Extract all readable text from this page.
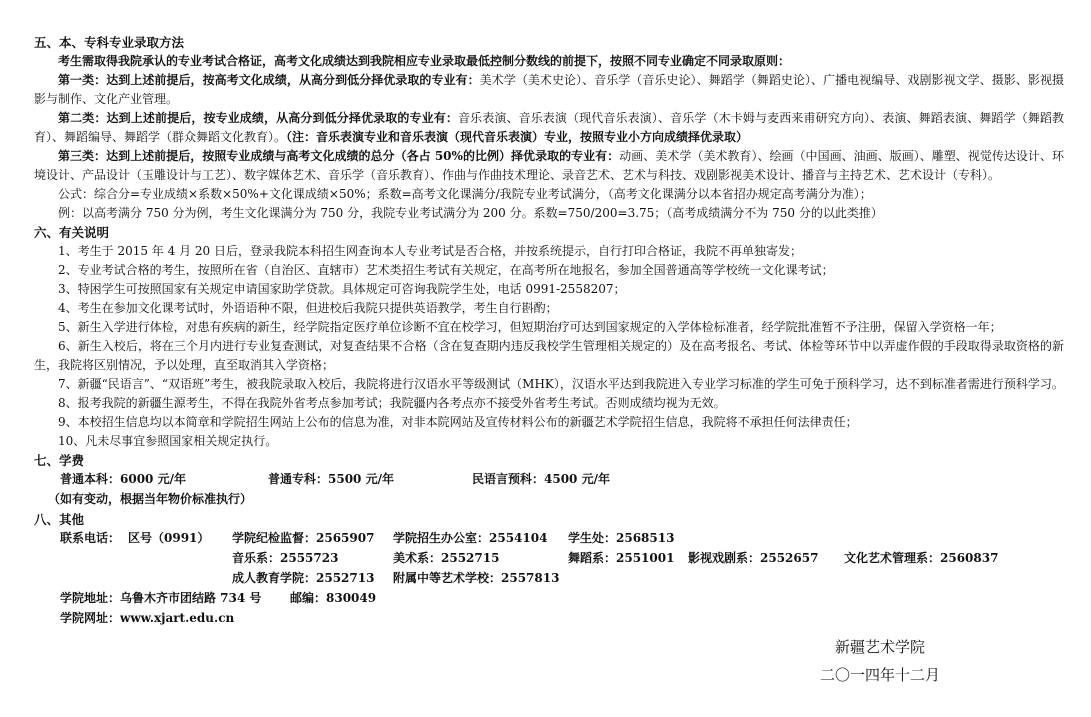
五、本、专科专业录取方法

考生需取得我院承认的专业考试合格证，高考文化成绩达到我院相应专业录取最低控制分数线的前提下，按照不同专业确定不同录取原则：

第一类：达到上述前提后，按高考文化成绩，从高分到低分择优录取的专业有：美术学（美术史论）、音乐学（音乐史论）、舞蹈学（舞蹈史论）、广播电视编导、戏剧影视文学、摄影、影视摄影与制作、文化产业管理。

第二类：达到上述前提后，按专业成绩，从高分到低分择优录取的专业有：音乐表演、音乐表演（现代音乐表演）、音乐学（木卡姆与麦西来甫研究方向）、表演、舞蹈表演、舞蹈学（舞蹈教育）、舞蹈编导、舞蹈学（群众舞蹈文化教育）。（注：音乐表演专业和音乐表演（现代音乐表演）专业，按照专业小方向成绩择优录取）

第三类：达到上述前提后，按照专业成绩与高考文化成绩的总分（各占 50%的比例）择优录取的专业有：动画、美术学（美术教育）、绘画（中国画、油画、版画）、雕塑、视觉传达设计、环境设计、产品设计（玉雕设计与工艺）、数字媒体艺术、音乐学（音乐教育）、作曲与作曲技术理论、录音艺术、艺术与科技、戏剧影视美术设计、播音与主持艺术、艺术设计（专科）。

公式：综合分=专业成绩×系数×50%+文化课成绩×50%；系数=高考文化课满分/我院专业考试满分，（高考文化课满分以本省招办规定高考满分为准）；

例：以高考满分 750 分为例，考生文化课满分为 750 分，我院专业考试满分为 200 分。系数=750/200=3.75；（高考成绩满分不为 750 分的以此类推）

六、有关说明

1、考生于 2015 年 4 月 20 日后，登录我院本科招生网查询本人专业考试是否合格，并按系统提示，自行打印合格证，我院不再单独寄发；

2、专业考试合格的考生，按照所在省（自治区、直辖市）艺术类招生考试有关规定，在高考所在地报名，参加全国普通高等学校统一文化课考试；

3、特困学生可按照国家有关规定申请国家助学贷款。具体规定可咨询我院学生处，电话 0991-2558207；

4、考生在参加文化课考试时，外语语种不限，但进校后我院只提供英语教学，考生自行斟酌；

5、新生入学进行体检，对患有疾病的新生，经学院指定医疗单位诊断不宜在校学习，但短期治疗可达到国家规定的入学体检标准者，经学院批准暂不予注册，保留入学资格一年；

6、新生入校后，将在三个月内进行专业复查测试，对复查结果不合格（含在复查期内违反我校学生管理相关规定的）及在高考报名、考试、体检等环节中以弄虚作假的手段取得录取资格的新生，我院将区别情况，予以处理，直至取消其入学资格；

7、新疆“民语言”、“双语班”考生，被我院录取入校后，我院将进行汉语水平等级测试（MHK），汉语水平达到我院进入专业学习标准的学生可免于预科学习，达不到标准者需进行预科学习。

8、报考我院的新疆生源考生，不得在我院外省考点参加考试；我院疆内各考点亦不接受外省考生考试。否则成绩均视为无效。

9、本校招生信息均以本简章和学院招生网站上公布的信息为准，对非本院网站及宣传材料公布的新疆艺术学院招生信息，我院将不承担任何法律责任；

10、凡未尽事宜参照国家相关规定执行。

七、学费
普通本科：6000 元/年	普通专科：5500 元/年	民语言预科：4500 元/年
（如有变动，根据当年物价标准执行）
八、其他
联系电话： 区号（0991） 学院纪检监督：2565907 学院招生办公室：2554104 学生处：2568513
音乐系：2555723	美术系：2552715	舞蹈系：2551001 影视戏剧系：2552657 文化艺术管理系：2560837
成人教育学院：2552713 附属中等艺术学校：2557813
学院地址：乌鲁木齐市团结路 734 号 邮编：830049
学院网址：www.xjart.edu.cn
新疆艺术学院
二〇一四年十二月
